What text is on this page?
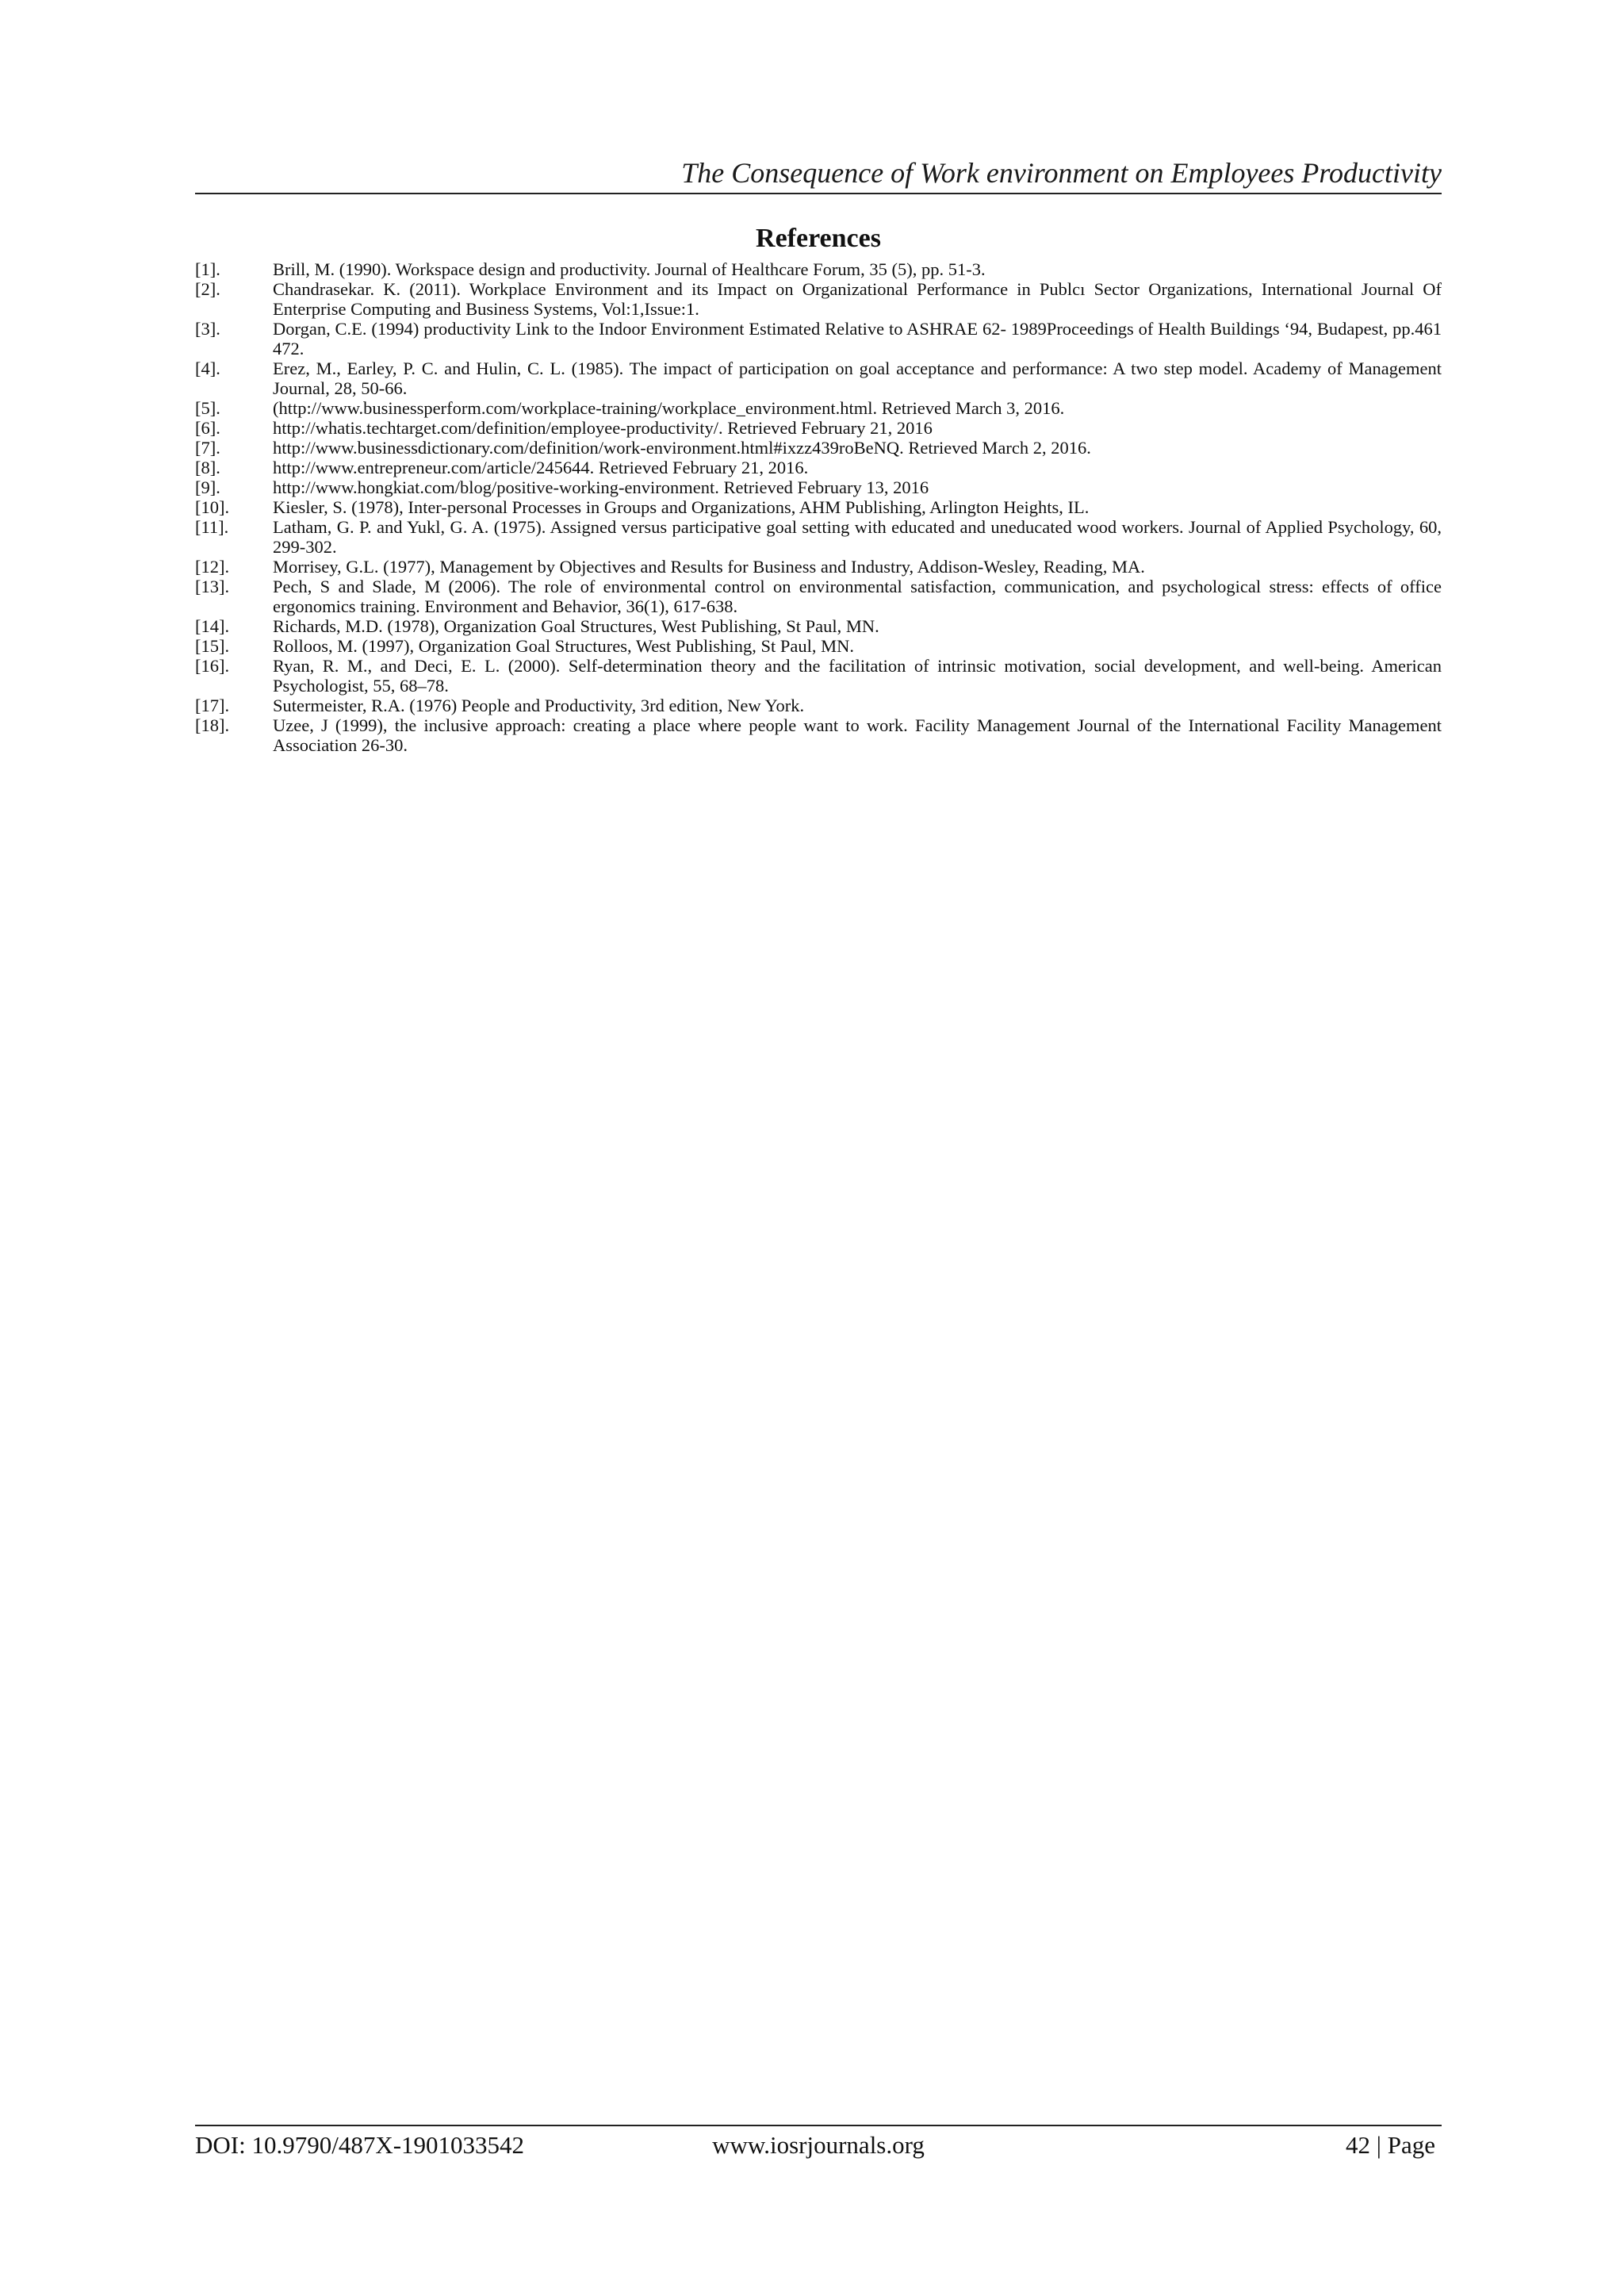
The Consequence of Work environment on Employees Productivity
References
[1].	Brill, M. (1990). Workspace design and productivity. Journal of Healthcare Forum, 35 (5), pp. 51-3.
[2].	Chandrasekar. K. (2011). Workplace Environment and its Impact on Organizational Performance in Publcı Sector Organizations, International Journal Of Enterprise Computing and Business Systems, Vol:1,Issue:1.
[3].	Dorgan, C.E. (1994) productivity Link to the Indoor Environment Estimated Relative to ASHRAE 62- 1989Proceedings of Health Buildings ‘94, Budapest, pp.461 472.
[4].	Erez, M., Earley, P. C. and Hulin, C. L. (1985). The impact of participation on goal acceptance and performance: A two step model. Academy of Management Journal, 28, 50-66.
[5].	(http://www.businessperform.com/workplace-training/workplace_environment.html. Retrieved March 3, 2016.
[6].	http://whatis.techtarget.com/definition/employee-productivity/. Retrieved February 21, 2016
[7].	http://www.businessdictionary.com/definition/work-environment.html#ixzz439roBeNQ. Retrieved March 2, 2016.
[8].	http://www.entrepreneur.com/article/245644. Retrieved February 21, 2016.
[9].	http://www.hongkiat.com/blog/positive-working-environment. Retrieved February 13, 2016
[10].	Kiesler, S. (1978), Inter-personal Processes in Groups and Organizations, AHM Publishing, Arlington Heights, IL.
[11].	Latham, G. P. and Yukl, G. A. (1975). Assigned versus participative goal setting with educated and uneducated wood workers. Journal of Applied Psychology, 60, 299-302.
[12].	Morrisey, G.L. (1977), Management by Objectives and Results for Business and Industry, Addison-Wesley, Reading, MA.
[13].	Pech, S and Slade, M (2006). The role of environmental control on environmental satisfaction, communication, and psychological stress: effects of office ergonomics training. Environment and Behavior, 36(1), 617-638.
[14].	Richards, M.D. (1978), Organization Goal Structures, West Publishing, St Paul, MN.
[15].	Rolloos, M. (1997), Organization Goal Structures, West Publishing, St Paul, MN.
[16].	Ryan, R. M., and Deci, E. L. (2000). Self-determination theory and the facilitation of intrinsic motivation, social development, and well-being. American Psychologist, 55, 68–78.
[17].	Sutermeister, R.A. (1976) People and Productivity, 3rd edition, New York.
[18].	Uzee, J (1999), the inclusive approach: creating a place where people want to work. Facility Management Journal of the International Facility Management Association 26-30.
DOI: 10.9790/487X-1901033542	www.iosrjournals.org	42 | Page
